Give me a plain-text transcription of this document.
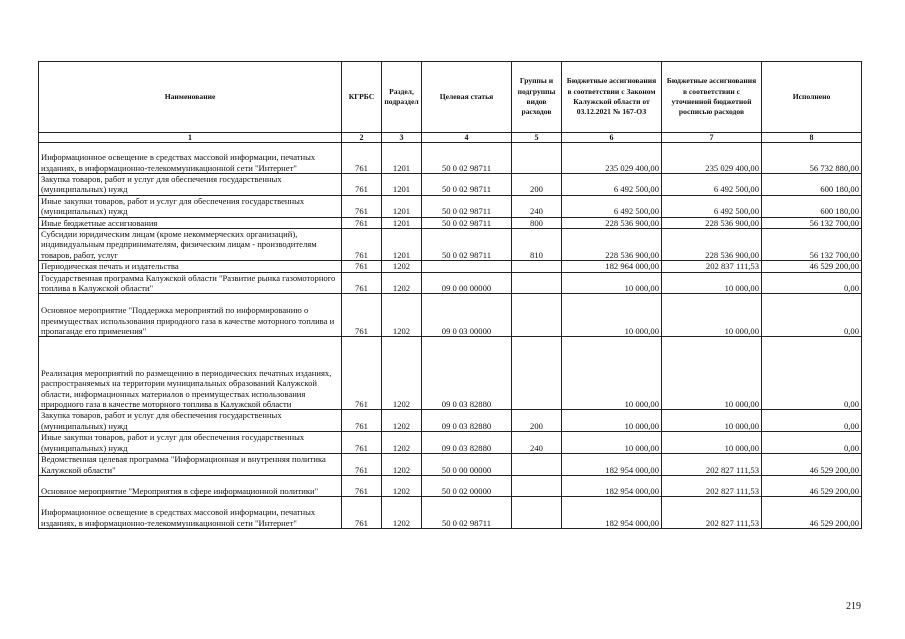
Наименование	КГРБС	Раздел, подраздел	Целевая статья	Группы и подгруппы видов расходов	Бюджетные ассигнования в соответствии с Законом Калужской области от 03.12.2021 № 167-ОЗ	Бюджетные ассигнования в соответствии с уточненной бюджетной росписью расходов	Исполнено
1	2	3	4	5	6	7	8
Информационное освещение в средствах массовой информации, печатных изданиях, в информационно-телекоммуникационной сети "Интернет"	761	1201	50 0 02 98711		235 029 400,00	235 029 400,00	56 732 880,00
Закупка товаров, работ и услуг для обеспечения государственных (муниципальных) нужд	761	1201	50 0 02 98711	200	6 492 500,00	6 492 500,00	600 180,00
Иные закупки товаров, работ и услуг для обеспечения государственных (муниципальных) нужд	761	1201	50 0 02 98711	240	6 492 500,00	6 492 500,00	600 180,00
Иные бюджетные ассигнования	761	1201	50 0 02 98711	800	228 536 900,00	228 536 900,00	56 132 700,00
Субсидии юридическим лицам (кроме некоммерческих организаций), индивидуальным предпринимателям, физическим лицам - производителям товаров, работ, услуг	761	1201	50 0 02 98711	810	228 536 900,00	228 536 900,00	56 132 700,00
Периодическая печать и издательства	761	1202			182 964 000,00	202 837 111,53	46 529 200,00
Государственная программа Калужской области "Развитие рынка газомоторного топлива в Калужской области"	761	1202	09 0 00 00000		10 000,00	10 000,00	0,00
Основное мероприятие "Поддержка мероприятий по информированию о преимуществах использования природного газа в качестве моторного топлива и пропаганде его применения"	761	1202	09 0 03 00000		10 000,00	10 000,00	0,00
Реализация мероприятий по размещению в периодических печатных изданиях, распространяемых на территории муниципальных образований Калужской области, информационных материалов о преимуществах использования природного газа в качестве моторного топлива в Калужской области	761	1202	09 0 03 82880		10 000,00	10 000,00	0,00
Закупка товаров, работ и услуг для обеспечения государственных (муниципальных) нужд	761	1202	09 0 03 82880	200	10 000,00	10 000,00	0,00
Иные закупки товаров, работ и услуг для обеспечения государственных (муниципальных) нужд	761	1202	09 0 03 82880	240	10 000,00	10 000,00	0,00
Ведомственная целевая программа "Информационная и внутренняя политика Калужской области"	761	1202	50 0 00 00000		182 954 000,00	202 827 111,53	46 529 200,00
Основное мероприятие "Мероприятия в сфере информационной политики"	761	1202	50 0 02 00000		182 954 000,00	202 827 111,53	46 529 200,00
Информационное освещение в средствах массовой информации, печатных изданиях, в информационно-телекоммуникационной сети "Интернет"	761	1202	50 0 02 98711		182 954 000,00	202 827 111,53	46 529 200,00
219
